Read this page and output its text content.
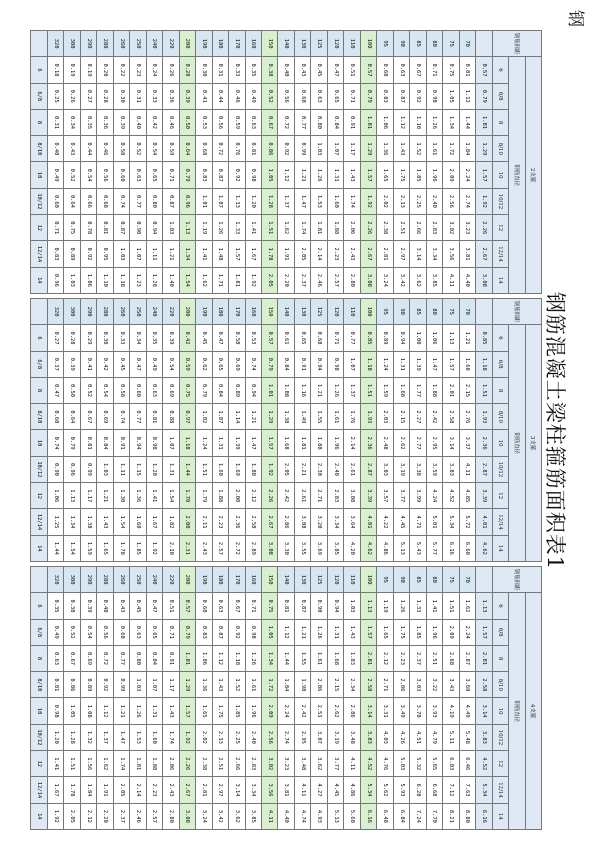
钢
钢筋混凝土梁柱箍筋面积表1
钢筋间距	2支箍								
	钢筋直径								
	6	6/8	8	8/10	10	10/12	12	12/14	14
	0.57	0.79	1.01	1.29	1.57	1.92	2.26	2.67	3.08
70	0.81	1.12	1.44	1.84	2.24	2.74	3.23	3.81	4.40
75	0.75	1.05	1.34	1.72	2.09	2.56	3.02	3.56	4.11
80	0.71	0.98	1.26	1.61	1.96	2.40	2.83	3.34	3.85
85	0.67	0.92	1.18	1.52	1.85	2.25	2.66	3.14	3.62
90	0.63	0.87	1.12	1.43	1.75	2.13	2.51	2.97	3.42
95	0.60	0.83	1.06	1.36	1.65	2.02	2.38	2.81	3.24
100	0.57	0.79	1.01	1.29	1.57	1.92	2.26	2.67	3.08
110	0.51	0.71	0.91	1.17	1.43	1.74	2.06	2.43	2.80
120	0.47	0.65	0.84	1.07	1.31	1.60	1.88	2.23	2.57
125	0.45	0.63	0.80	1.03	1.26	1.53	1.81	2.14	2.46
130	0.43	0.60	0.77	0.99	1.21	1.47	1.74	2.05	2.37
140	0.40	0.56	0.72	0.92	1.12	1.37	1.62	1.91	2.20
150	0.38	0.52	0.67	0.86	1.05	1.28	1.51	1.78	2.05
160	0.35	0.49	0.63	0.81	0.98	1.20	1.41	1.67	1.92
170	0.33	0.46	0.59	0.76	0.92	1.13	1.33	1.57	1.81
180	0.31	0.44	0.56	0.72	0.87	1.07	1.26	1.48	1.71
190	0.30	0.41	0.53	0.68	0.83	1.01	1.19	1.41	1.62
200	0.28	0.39	0.50	0.64	0.79	0.96	1.13	1.34	1.54
220	0.26	0.36	0.46	0.59	0.71	0.87	1.03	1.21	1.40
240	0.24	0.33	0.42	0.54	0.65	0.80	0.94	1.11	1.28
250	0.23	0.31	0.40	0.52	0.63	0.77	0.90	1.07	1.23
260	0.22	0.30	0.39	0.50	0.60	0.74	0.87	1.03	1.18
280	0.20	0.28	0.36	0.46	0.56	0.68	0.81	0.95	1.10
290	0.19	0.27	0.35	0.44	0.54	0.66	0.78	0.92	1.06
300	0.19	0.26	0.34	0.43	0.52	0.64	0.75	0.89	1.03
320	0.18	0.25	0.31	0.40	0.49	0.60	0.71	0.83	0.96
	6	6/8	8	8/10	10	10/12	12	12/14	14
钢筋间距	3支箍								
	钢筋直径								
	6	6/8	8	8/10	10	10/12	12	12/14	14
	0.85	1.18	1.51	1.93	2.36	2.87	3.39	4.01	4.62
70	1.21	1.68	2.15	2.76	3.37	4.11	4.85	5.72	6.60
75	1.13	1.57	2.01	2.58	3.14	3.83	4.52	5.34	6.16
80	1.06	1.47	1.88	2.42	2.95	3.59	4.24	5.01	5.77
85	1.00	1.39	1.77	2.27	2.77	3.38	3.99	4.71	5.43
90	0.94	1.31	1.68	2.15	2.62	3.19	3.77	4.45	5.13
95	0.89	1.24	1.59	2.03	2.48	3.03	3.57	4.22	4.86
100	0.85	1.18	1.51	1.93	2.36	2.87	3.39	4.01	4.62
110	0.77	1.07	1.37	1.76	2.14	2.61	3.08	3.64	4.20
120	0.71	0.98	1.26	1.61	1.96	2.40	2.83	3.34	3.85
125	0.68	0.94	1.21	1.55	1.88	2.30	2.71	3.20	3.69
130	0.65	0.91	1.16	1.49	1.81	2.21	2.61	3.08	3.55
140	0.61	0.84	1.08	1.38	1.68	2.05	2.42	2.86	3.30
150	0.57	0.79	1.01	1.29	1.57	1.92	2.26	2.67	3.08
160	0.53	0.74	0.94	1.21	1.47	1.80	2.12	2.50	2.89
170	0.50	0.69	0.89	1.14	1.39	1.69	2.00	2.36	2.72
180	0.47	0.65	0.84	1.07	1.31	1.60	1.88	2.23	2.57
190	0.45	0.62	0.79	1.02	1.24	1.51	1.79	2.11	2.43
200	0.42	0.59	0.75	0.97	1.18	1.44	1.70	2.00	2.31
220	0.39	0.54	0.69	0.88	1.07	1.31	1.54	1.82	2.10
240	0.35	0.49	0.63	0.81	0.98	1.20	1.41	1.67	1.92
250	0.34	0.47	0.60	0.77	0.94	1.15	1.36	1.60	1.85
260	0.33	0.45	0.58	0.74	0.91	1.11	1.30	1.54	1.78
280	0.30	0.42	0.54	0.69	0.84	1.03	1.21	1.43	1.65
290	0.29	0.41	0.52	0.67	0.81	0.99	1.17	1.38	1.59
300	0.28	0.39	0.50	0.64	0.79	0.96	1.13	1.34	1.54
320	0.27	0.37	0.47	0.60	0.74	0.90	1.06	1.25	1.44
	6	6/8	8	8/10	10	10/12	12	12/14	14
钢筋间距	4支箍								
	钢筋直径								
	6	6/8	8	8/10	10	10/12	12	12/14	14
	1.13	1.57	2.01	2.58	3.14	3.83	4.52	5.34	6.16
70	1.62	2.24	2.87	3.68	4.49	5.48	6.46	7.63	8.80
75	1.51	2.09	2.68	3.43	4.19	5.11	6.03	7.12	8.21
80	1.41	1.96	2.51	3.22	3.93	4.79	5.65	6.68	7.70
85	1.33	1.85	2.37	3.03	3.70	4.51	5.32	6.28	7.24
90	1.26	1.75	2.23	2.86	3.49	4.26	5.03	5.93	6.84
95	1.19	1.65	2.12	2.71	3.31	4.03	4.76	5.62	6.48
100	1.13	1.57	2.01	2.58	3.14	3.83	4.52	5.34	6.16
110	1.03	1.43	1.83	2.34	2.86	3.48	4.11	4.86	5.60
120	0.94	1.31	1.68	2.15	2.62	3.19	3.77	4.45	5.13
125	0.90	1.26	1.61	2.06	2.51	3.07	3.62	4.27	4.93
130	0.87	1.21	1.55	1.98	2.42	2.95	3.48	4.11	4.74
140	0.81	1.12	1.44	1.84	2.24	2.74	3.23	3.81	4.40
150	0.75	1.05	1.34	1.72	2.09	2.56	3.02	3.56	4.11
160	0.71	0.98	1.26	1.61	1.96	2.40	2.83	3.34	3.85
170	0.67	0.92	1.18	1.52	1.85	2.25	2.66	3.14	3.62
180	0.63	0.87	1.12	1.43	1.75	2.13	2.51	2.97	3.42
190	0.60	0.83	1.06	1.36	1.65	2.02	2.38	2.81	3.24
200	0.57	0.79	1.01	1.29	1.57	1.92	2.26	2.67	3.08
220	0.51	0.71	0.91	1.17	1.43	1.74	2.06	2.43	2.80
240	0.47	0.65	0.84	1.07	1.31	1.60	1.88	2.23	2.57
250	0.45	0.63	0.80	1.03	1.26	1.53	1.81	2.14	2.46
260	0.43	0.60	0.77	0.99	1.21	1.47	1.74	2.05	2.37
280	0.40	0.56	0.72	0.92	1.12	1.37	1.62	1.91	2.20
290	0.39	0.54	0.69	0.89	1.08	1.32	1.56	1.84	2.12
300	0.38	0.52	0.67	0.86	1.05	1.28	1.51	1.78	2.05
320	0.35	0.49	0.63	0.81	0.98	1.20	1.41	1.67	1.92
	6	6/8	8	8/10	10	10/12	12	12/14	14
